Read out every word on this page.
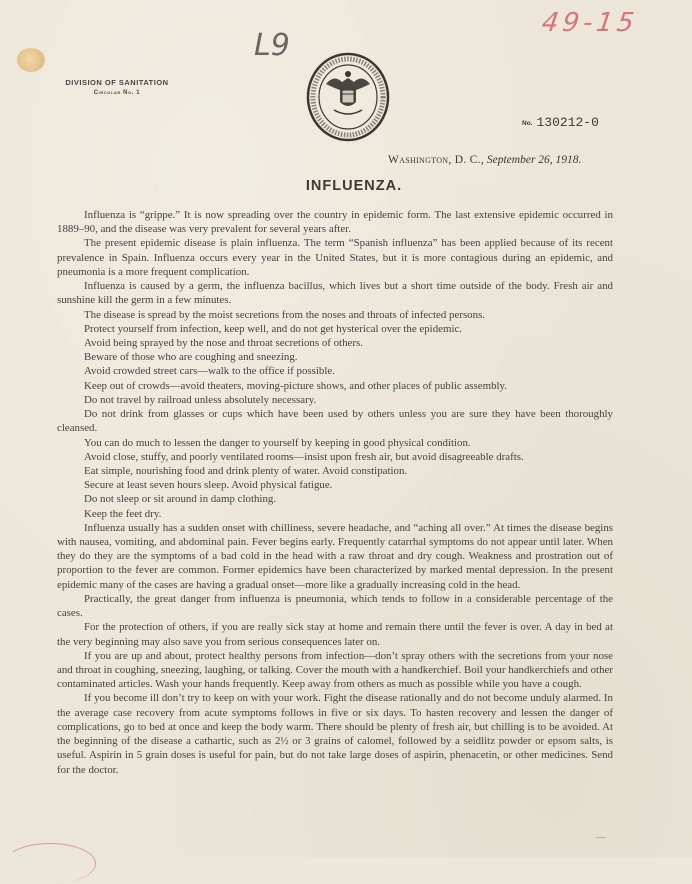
49-15
L9
DIVISION OF SANITATION
Circular No. 1
No. 130212-0
Washington, D. C., September 26, 1918.
INFLUENZA.

Influenza is “grippe.” It is now spreading over the country in epidemic form. The last extensive epidemic occurred in 1889–90, and the disease was very prevalent for several years after.

The present epidemic disease is plain influenza. The term “Spanish influenza” has been applied because of its recent prevalence in Spain. Influenza occurs every year in the United States, but it is more contagious during an epidemic, and pneumonia is a more frequent complication.

Influenza is caused by a germ, the influenza bacillus, which lives but a short time outside of the body. Fresh air and sunshine kill the germ in a few minutes.

The disease is spread by the moist secretions from the noses and throats of infected persons.

Protect yourself from infection, keep well, and do not get hysterical over the epidemic.

Avoid being sprayed by the nose and throat secretions of others.

Beware of those who are coughing and sneezing.

Avoid crowded street cars—walk to the office if possible.

Keep out of crowds—avoid theaters, moving-picture shows, and other places of public assembly.

Do not travel by railroad unless absolutely necessary.

Do not drink from glasses or cups which have been used by others unless you are sure they have been thoroughly cleansed.

You can do much to lessen the danger to yourself by keeping in good physical condition.

Avoid close, stuffy, and poorly ventilated rooms—insist upon fresh air, but avoid disagreeable drafts.

Eat simple, nourishing food and drink plenty of water. Avoid constipation.

Secure at least seven hours sleep. Avoid physical fatigue.

Do not sleep or sit around in damp clothing.

Keep the feet dry.

Influenza usually has a sudden onset with chilliness, severe headache, and “aching all over.” At times the disease begins with nausea, vomiting, and abdominal pain. Fever begins early. Frequently catarrhal symptoms do not appear until later. When they do they are the symptoms of a bad cold in the head with a raw throat and dry cough. Weakness and prostration out of proportion to the fever are common. Former epidemics have been characterized by marked mental depression. In the present epidemic many of the cases are having a gradual onset—more like a gradually increasing cold in the head.

Practically, the great danger from influenza is pneumonia, which tends to follow in a considerable percentage of the cases.

For the protection of others, if you are really sick stay at home and remain there until the fever is over. A day in bed at the very beginning may also save you from serious consequences later on.

If you are up and about, protect healthy persons from infection—don’t spray others with the secretions from your nose and throat in coughing, sneezing, laughing, or talking. Cover the mouth with a handkerchief. Boil your handkerchiefs and other contaminated articles. Wash your hands frequently. Keep away from others as much as possible while you have a cough.

If you become ill don’t try to keep on with your work. Fight the disease rationally and do not become unduly alarmed. In the average case recovery from acute symptoms follows in five or six days. To hasten recovery and lessen the danger of complications, go to bed at once and keep the body warm. There should be plenty of fresh air, but chilling is to be avoided. At the beginning of the disease a cathartic, such as 2½ or 3 grains of calomel, followed by a seidlitz powder or epsom salts, is useful. Aspirin in 5 grain doses is useful for pain, but do not take large doses of aspirin, phenacetin, or other medicines. Send for the doctor.

——
